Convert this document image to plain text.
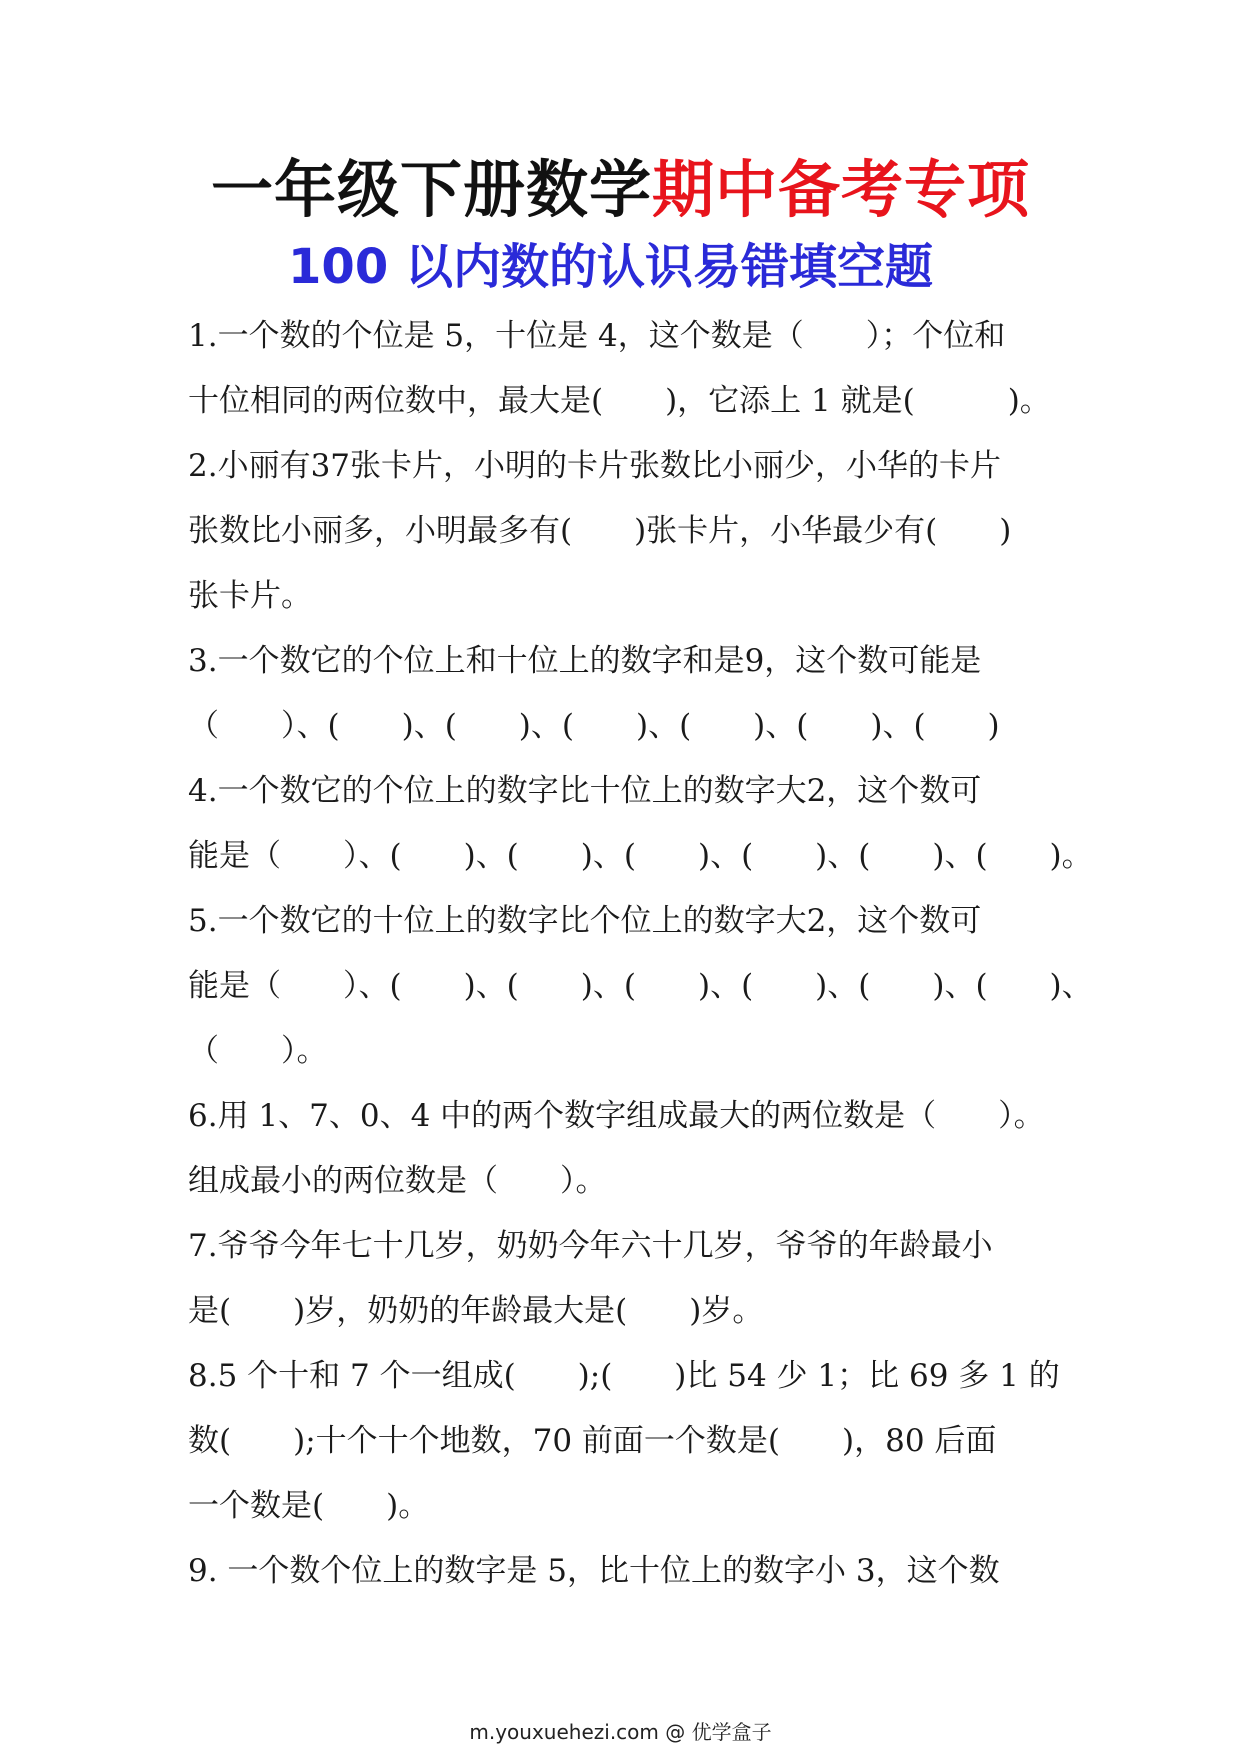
一年级下册数学期中备考专项
100 以内数的认识易错填空题
1.一个数的个位是 5，十位是 4，这个数是（　　）；个位和
十位相同的两位数中，最大是(　　)，它添上 1 就是(　　　)。
2.小丽有37张卡片，小明的卡片张数比小丽少，小华的卡片
张数比小丽多，小明最多有(　　)张卡片，小华最少有(　　)
张卡片。
3.一个数它的个位上和十位上的数字和是9，这个数可能是
（　　）、(　　)、(　　)、(　　)、(　　)、(　　)、(　　)
4.一个数它的个位上的数字比十位上的数字大2，这个数可
能是（　　）、(　　)、(　　)、(　　)、(　　)、(　　)、(　　)。
5.一个数它的十位上的数字比个位上的数字大2，这个数可
能是（　　）、(　　)、(　　)、(　　)、(　　)、(　　)、(　　)、
（　　）。
6.用 1、7、0、4 中的两个数字组成最大的两位数是（　　）。
组成最小的两位数是（　　）。
7.爷爷今年七十几岁，奶奶今年六十几岁，爷爷的年龄最小
是(　　)岁，奶奶的年龄最大是(　　)岁。
8.5 个十和 7 个一组成(　　);(　　)比 54 少 1；比 69 多 1 的
数(　　);十个十个地数，70 前面一个数是(　　)，80 后面
一个数是(　　)。
9. 一个数个位上的数字是 5，比十位上的数字小 3，这个数
m.youxuehezi.com @ 优学盒子
